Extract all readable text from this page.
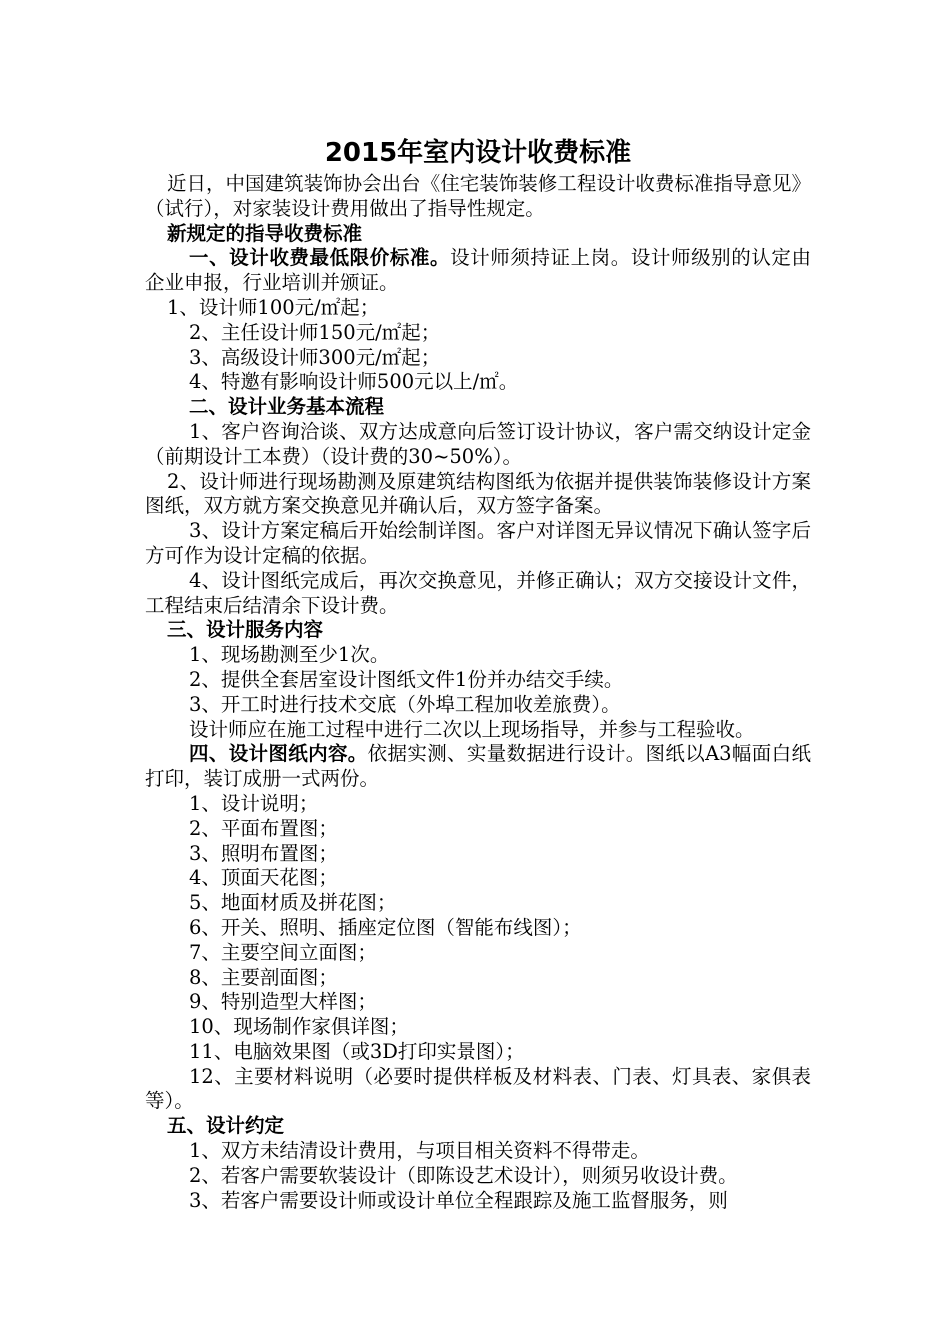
2015年室内设计收费标准

近日，中国建筑装饰协会出台《住宅装饰装修工程设计收费标准指导意见》（试行），对家装设计费用做出了指导性规定。

新规定的指导收费标准

一、设计收费最低限价标准。设计师须持证上岗。设计师级别的认定由企业申报，行业培训并颁证。

1、设计师100元/㎡起；

2、主任设计师150元/㎡起；

3、高级设计师300元/㎡起；

4、特邀有影响设计师500元以上/㎡。

二、设计业务基本流程

1、客户咨询洽谈、双方达成意向后签订设计协议，客户需交纳设计定金（前期设计工本费）（设计费的30~50%）。

2、设计师进行现场勘测及原建筑结构图纸为依据并提供装饰装修设计方案图纸，双方就方案交换意见并确认后，双方签字备案。

3、设计方案定稿后开始绘制详图。客户对详图无异议情况下确认签字后方可作为设计定稿的依据。

4、设计图纸完成后，再次交换意见，并修正确认；双方交接设计文件，工程结束后结清余下设计费。

三、设计服务内容

1、现场勘测至少1次。

2、提供全套居室设计图纸文件1份并办结交手续。

3、开工时进行技术交底（外埠工程加收差旅费）。

设计师应在施工过程中进行二次以上现场指导，并参与工程验收。

四、设计图纸内容。依据实测、实量数据进行设计。图纸以A3幅面白纸打印，装订成册一式两份。

1、设计说明；

2、平面布置图；

3、照明布置图；

4、顶面天花图；

5、地面材质及拼花图；

6、开关、照明、插座定位图（智能布线图）；

7、主要空间立面图；

8、主要剖面图；

9、特别造型大样图；

10、现场制作家俱详图；

11、电脑效果图（或3D打印实景图）；

12、主要材料说明（必要时提供样板及材料表、门表、灯具表、家俱表等）。

五、设计约定

1、双方未结清设计费用，与项目相关资料不得带走。

2、若客户需要软装设计（即陈设艺术设计），则须另收设计费。

3、若客户需要设计师或设计单位全程跟踪及施工监督服务，则
